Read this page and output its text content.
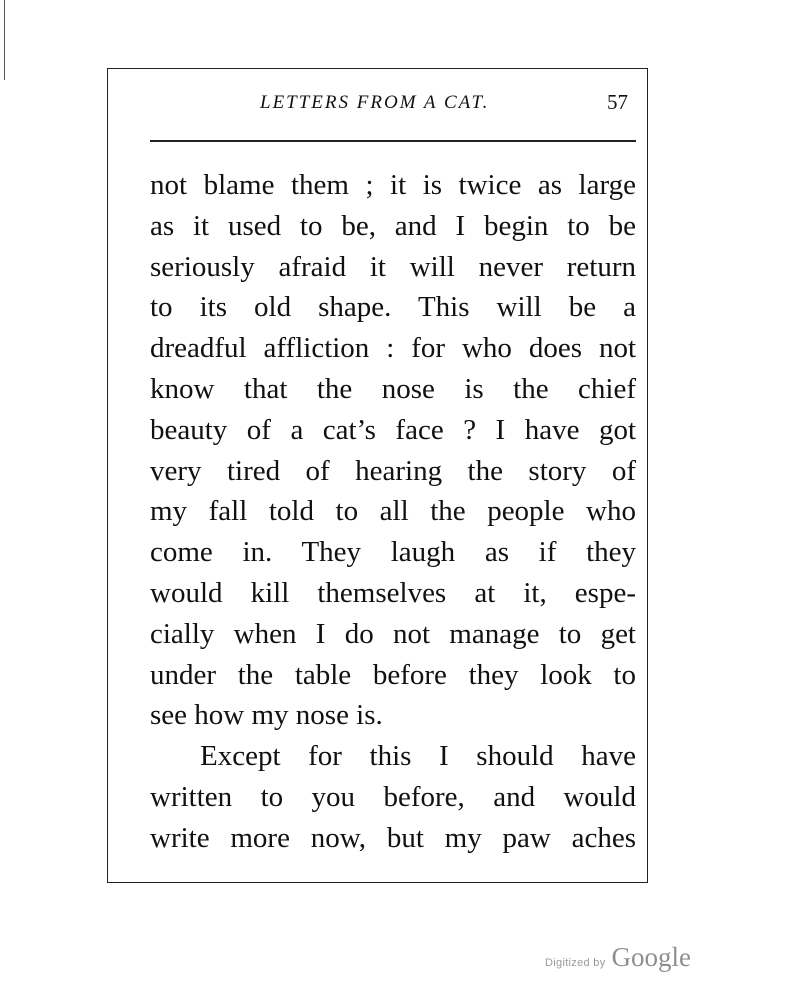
LETTERS FROM A CAT.	57
not blame them ; it is twice as large
as it used to be, and I begin to be
seriously afraid it will never return
to its old shape. This will be a
dreadful affliction : for who does not
know that the nose is the chief
beauty of a cat’s face ? I have got
very tired of hearing the story of
my fall told to all the people who
come in. They laugh as if they
would kill themselves at it, espe-
cially when I do not manage to get
under the table before they look to
see how my nose is.
Except for this I should have
written to you before, and would
write more now, but my paw aches
Digitized by Google
